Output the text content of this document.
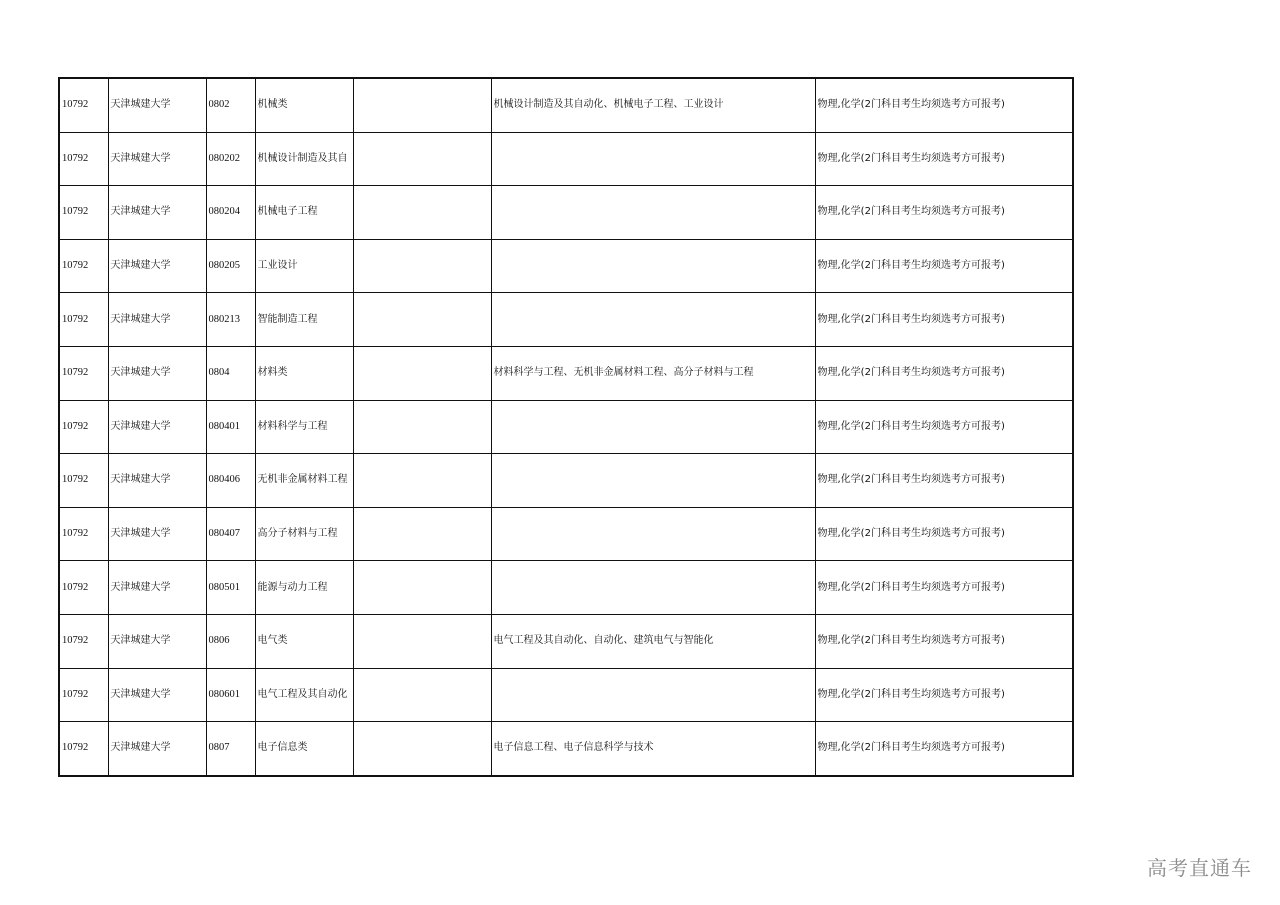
10792	天津城建大学	0802	机械类		机械设计制造及其自动化、机械电子工程、工业设计	物理,化学(2门科目考生均须选考方可报考)
10792	天津城建大学	080202	机械设计制造及其自			物理,化学(2门科目考生均须选考方可报考)
10792	天津城建大学	080204	机械电子工程			物理,化学(2门科目考生均须选考方可报考)
10792	天津城建大学	080205	工业设计			物理,化学(2门科目考生均须选考方可报考)
10792	天津城建大学	080213	智能制造工程			物理,化学(2门科目考生均须选考方可报考)
10792	天津城建大学	0804	材料类		材料科学与工程、无机非金属材料工程、高分子材料与工程	物理,化学(2门科目考生均须选考方可报考)
10792	天津城建大学	080401	材料科学与工程			物理,化学(2门科目考生均须选考方可报考)
10792	天津城建大学	080406	无机非金属材料工程			物理,化学(2门科目考生均须选考方可报考)
10792	天津城建大学	080407	高分子材料与工程			物理,化学(2门科目考生均须选考方可报考)
10792	天津城建大学	080501	能源与动力工程			物理,化学(2门科目考生均须选考方可报考)
10792	天津城建大学	0806	电气类		电气工程及其自动化、自动化、建筑电气与智能化	物理,化学(2门科目考生均须选考方可报考)
10792	天津城建大学	080601	电气工程及其自动化			物理,化学(2门科目考生均须选考方可报考)
10792	天津城建大学	0807	电子信息类		电子信息工程、电子信息科学与技术	物理,化学(2门科目考生均须选考方可报考)
高考直通车
